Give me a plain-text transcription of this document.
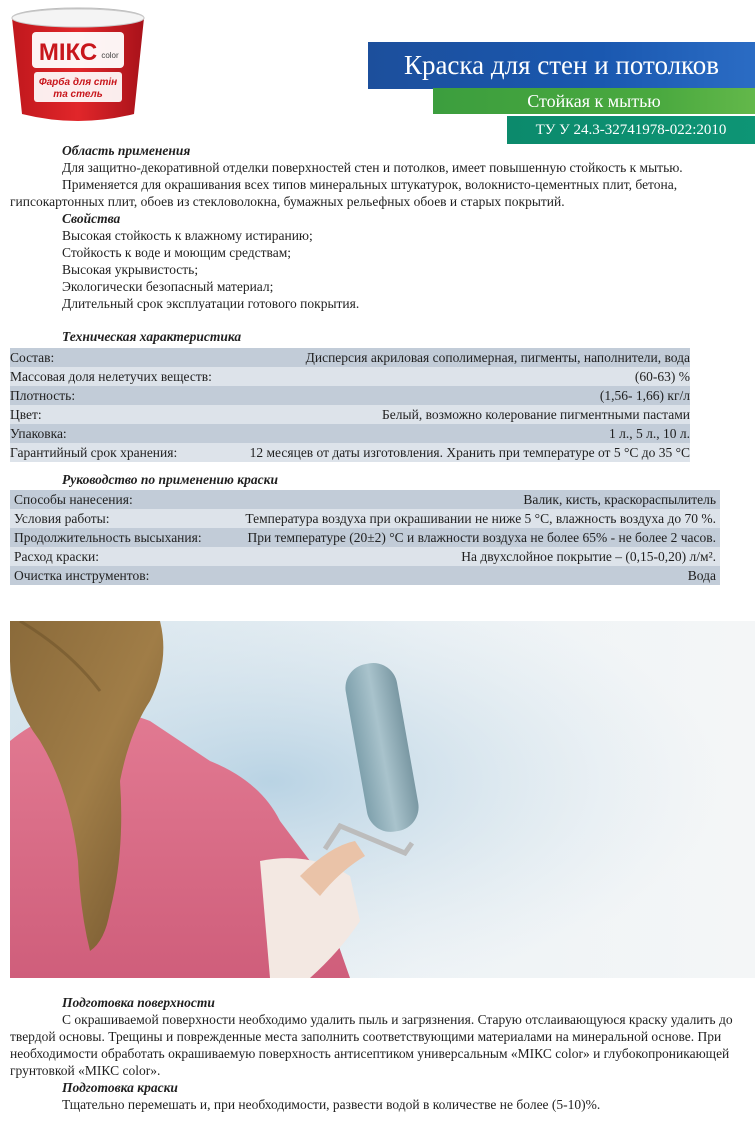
МІКС color
Фарба для стін
та стель
Краска для стен и потолков
Стойкая к мытью
ТУ У 24.3-32741978-022:2010

Область применения

Для защитно-декоративной отделки поверхностей стен и потолков, имеет повышенную стойкость к мытью.

Применяется для окрашивания всех типов минеральных штукатурок, волокнисто-цементных плит, бетона, гипсокартонных плит, обоев из стекловолокна, бумажных рельефных обоев и старых покрытий.

Свойства

Высокая стойкость к влажному истиранию;

Стойкость к воде и моющим средствам;

Высокая укрывистость;

Экологически безопасный материал;

Длительный срок эксплуатации готового покрытия.

Техническая характеристика

Состав:	Дисперсия акриловая сополимерная, пигменты, наполнители, вода
Массовая доля нелетучих веществ:	(60-63) %
Плотность:	(1,56- 1,66) кг/л
Цвет:	Белый, возможно колерование пигментными пастами
Упаковка:	1 л., 5 л., 10 л.
Гарантийный срок хранения:	12 месяцев от даты изготовления. Хранить при температуре от 5 °С до 35 °С

Руководство по применению краски

Способы нанесения:	Валик, кисть, краскораспылитель
Условия работы:	Температура воздуха при окрашивании не ниже 5 °С, влажность воздуха до 70 %.
Продолжительность высыхания:	При температуре (20±2) °С и влажности воздуха не более 65% - не более 2 часов.
Расход краски:	На двухслойное покрытие – (0,15-0,20) л/м².
Очистка инструментов:	Вода

Подготовка поверхности

С окрашиваемой поверхности необходимо удалить пыль и загрязнения. Старую отслаивающуюся краску удалить до твердой основы. Трещины и поврежденные места заполнить соответствующими материалами на минеральной основе. При необходимости обработать окрашиваемую поверхность антисептиком универсальным «МІКС color» и глубокопроникающей грунтовкой «МІКС color».

Подготовка краски

Тщательно перемешать и, при необходимости, развести водой в количестве не более (5-10)%.
